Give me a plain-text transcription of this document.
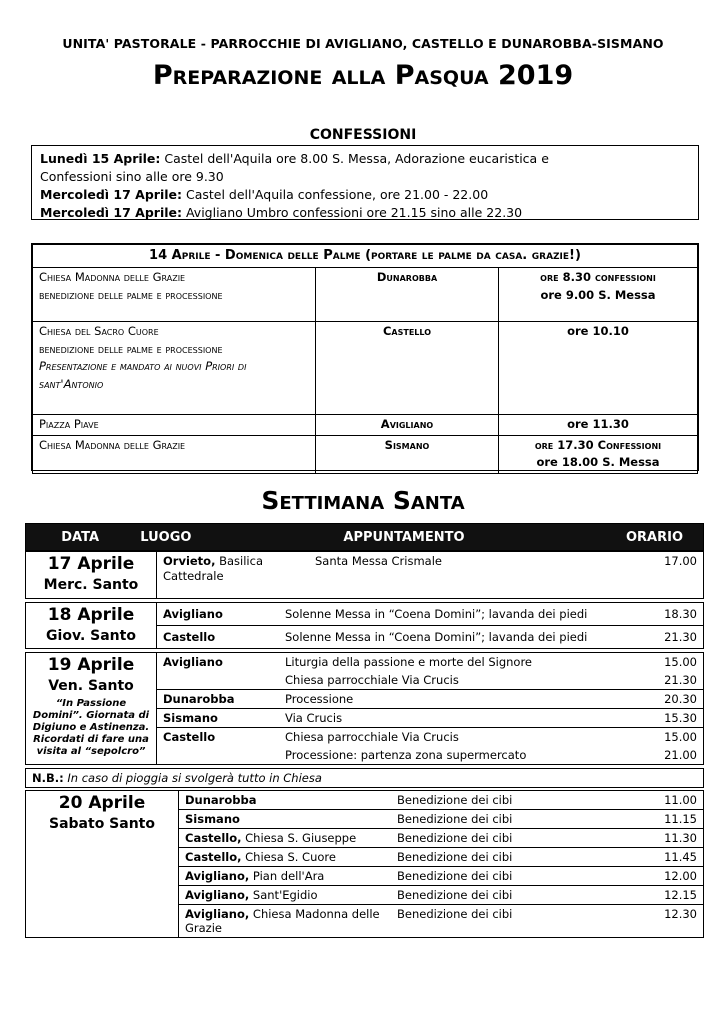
UNITA' PASTORALE - PARROCCHIE DI AVIGLIANO, CASTELLO E DUNAROBBA-SISMANO
Preparazione alla Pasqua 2019
CONFESSIONI
Lunedì 15 Aprile: Castel dell'Aquila ore 8.00 S. Messa, Adorazione eucaristica e
Confessioni sino alle ore 9.30
Mercoledì 17 Aprile: Castel dell'Aquila confessione, ore 21.00 - 22.00
Mercoledì 17 Aprile: Avigliano Umbro confessioni ore 21.15 sino alle 22.30
14 Aprile - Domenica delle Palme (portare le palme da casa. grazie!)		
Chiesa Madonna delle Grazie
benedizione delle palme e processione	Dunarobba	ore 8.30 confessioni
ore 9.00 S. Messa
Chiesa del Sacro Cuore
benedizione delle palme e processione
Presentazione e mandato ai nuovi Priori di sant'Antonio	Castello	ore 10.10
Piazza Piave	Avigliano	ore 11.30
Chiesa Madonna delle Grazie	Sismano	ore 17.30 Confessioni
ore 18.00 S. Messa
Settimana Santa
DATA	LUOGO	APPUNTAMENTO	ORARIO
17 Aprile
Merc. Santo	Orvieto, Basilica Cattedrale	Santa Messa Crismale	17.00
18 Aprile
Giov. Santo	Avigliano	Solenne Messa in “Coena Domini”; lavanda dei piedi	18.30
	Castello	Solenne Messa in “Coena Domini”; lavanda dei piedi	21.30
19 Aprile
Ven. Santo
“In Passione Domini”. Giornata di Digiuno e Astinenza. Ricordati di fare una visita al “sepolcro”	Avigliano	Liturgia della passione e morte del Signore	15.00
		Chiesa parrocchiale Via Crucis	21.30
	Dunarobba	Processione	20.30
	Sismano	Via Crucis	15.30
	Castello	Chiesa parrocchiale Via Crucis	15.00
		Processione: partenza zona supermercato	21.00
N.B.: In caso di pioggia si svolgerà tutto in Chiesa
20 Aprile
Sabato Santo	Dunarobba	Benedizione dei cibi	11.00
	Sismano	Benedizione dei cibi	11.15
	Castello, Chiesa S. Giuseppe	Benedizione dei cibi	11.30
	Castello, Chiesa S. Cuore	Benedizione dei cibi	11.45
	Avigliano, Pian dell'Ara	Benedizione dei cibi	12.00
	Avigliano, Sant'Egidio	Benedizione dei cibi	12.15
	Avigliano, Chiesa Madonna delle Grazie	Benedizione dei cibi	12.30
